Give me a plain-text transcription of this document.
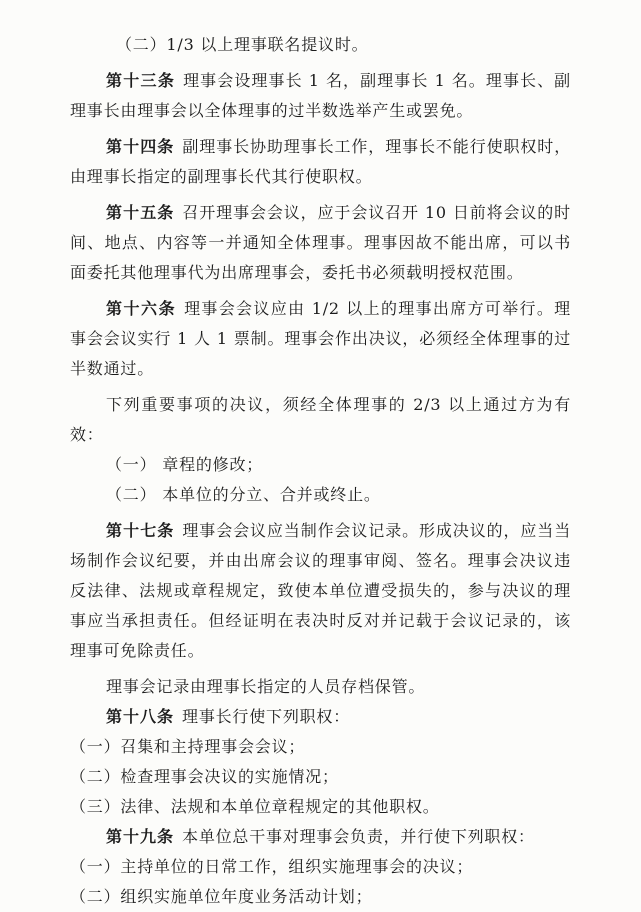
（二）1/3 以上理事联名提议时。

第十三条 理事会设理事长 1 名，副理事长 1 名。理事长、副理事长由理事会以全体理事的过半数选举产生或罢免。

第十四条 副理事长协助理事长工作，理事长不能行使职权时，由理事长指定的副理事长代其行使职权。

第十五条 召开理事会会议，应于会议召开 10 日前将会议的时间、地点、内容等一并通知全体理事。理事因故不能出席，可以书面委托其他理事代为出席理事会，委托书必须载明授权范围。

第十六条 理事会会议应由 1/2 以上的理事出席方可举行。理事会会议实行 1 人 1 票制。理事会作出决议，必须经全体理事的过半数通过。

下列重要事项的决议，须经全体理事的 2/3 以上通过方为有效：

（一） 章程的修改；

（二） 本单位的分立、合并或终止。

第十七条 理事会会议应当制作会议记录。形成决议的，应当当场制作会议纪要，并由出席会议的理事审阅、签名。理事会决议违反法律、法规或章程规定，致使本单位遭受损失的，参与决议的理事应当承担责任。但经证明在表决时反对并记载于会议记录的，该理事可免除责任。

理事会记录由理事长指定的人员存档保管。

第十八条 理事长行使下列职权：

（一）召集和主持理事会会议；

（二）检查理事会决议的实施情况；

（三）法律、法规和本单位章程规定的其他职权。

第十九条 本单位总干事对理事会负责，并行使下列职权：

（一）主持单位的日常工作，组织实施理事会的决议；

（二）组织实施单位年度业务活动计划；
